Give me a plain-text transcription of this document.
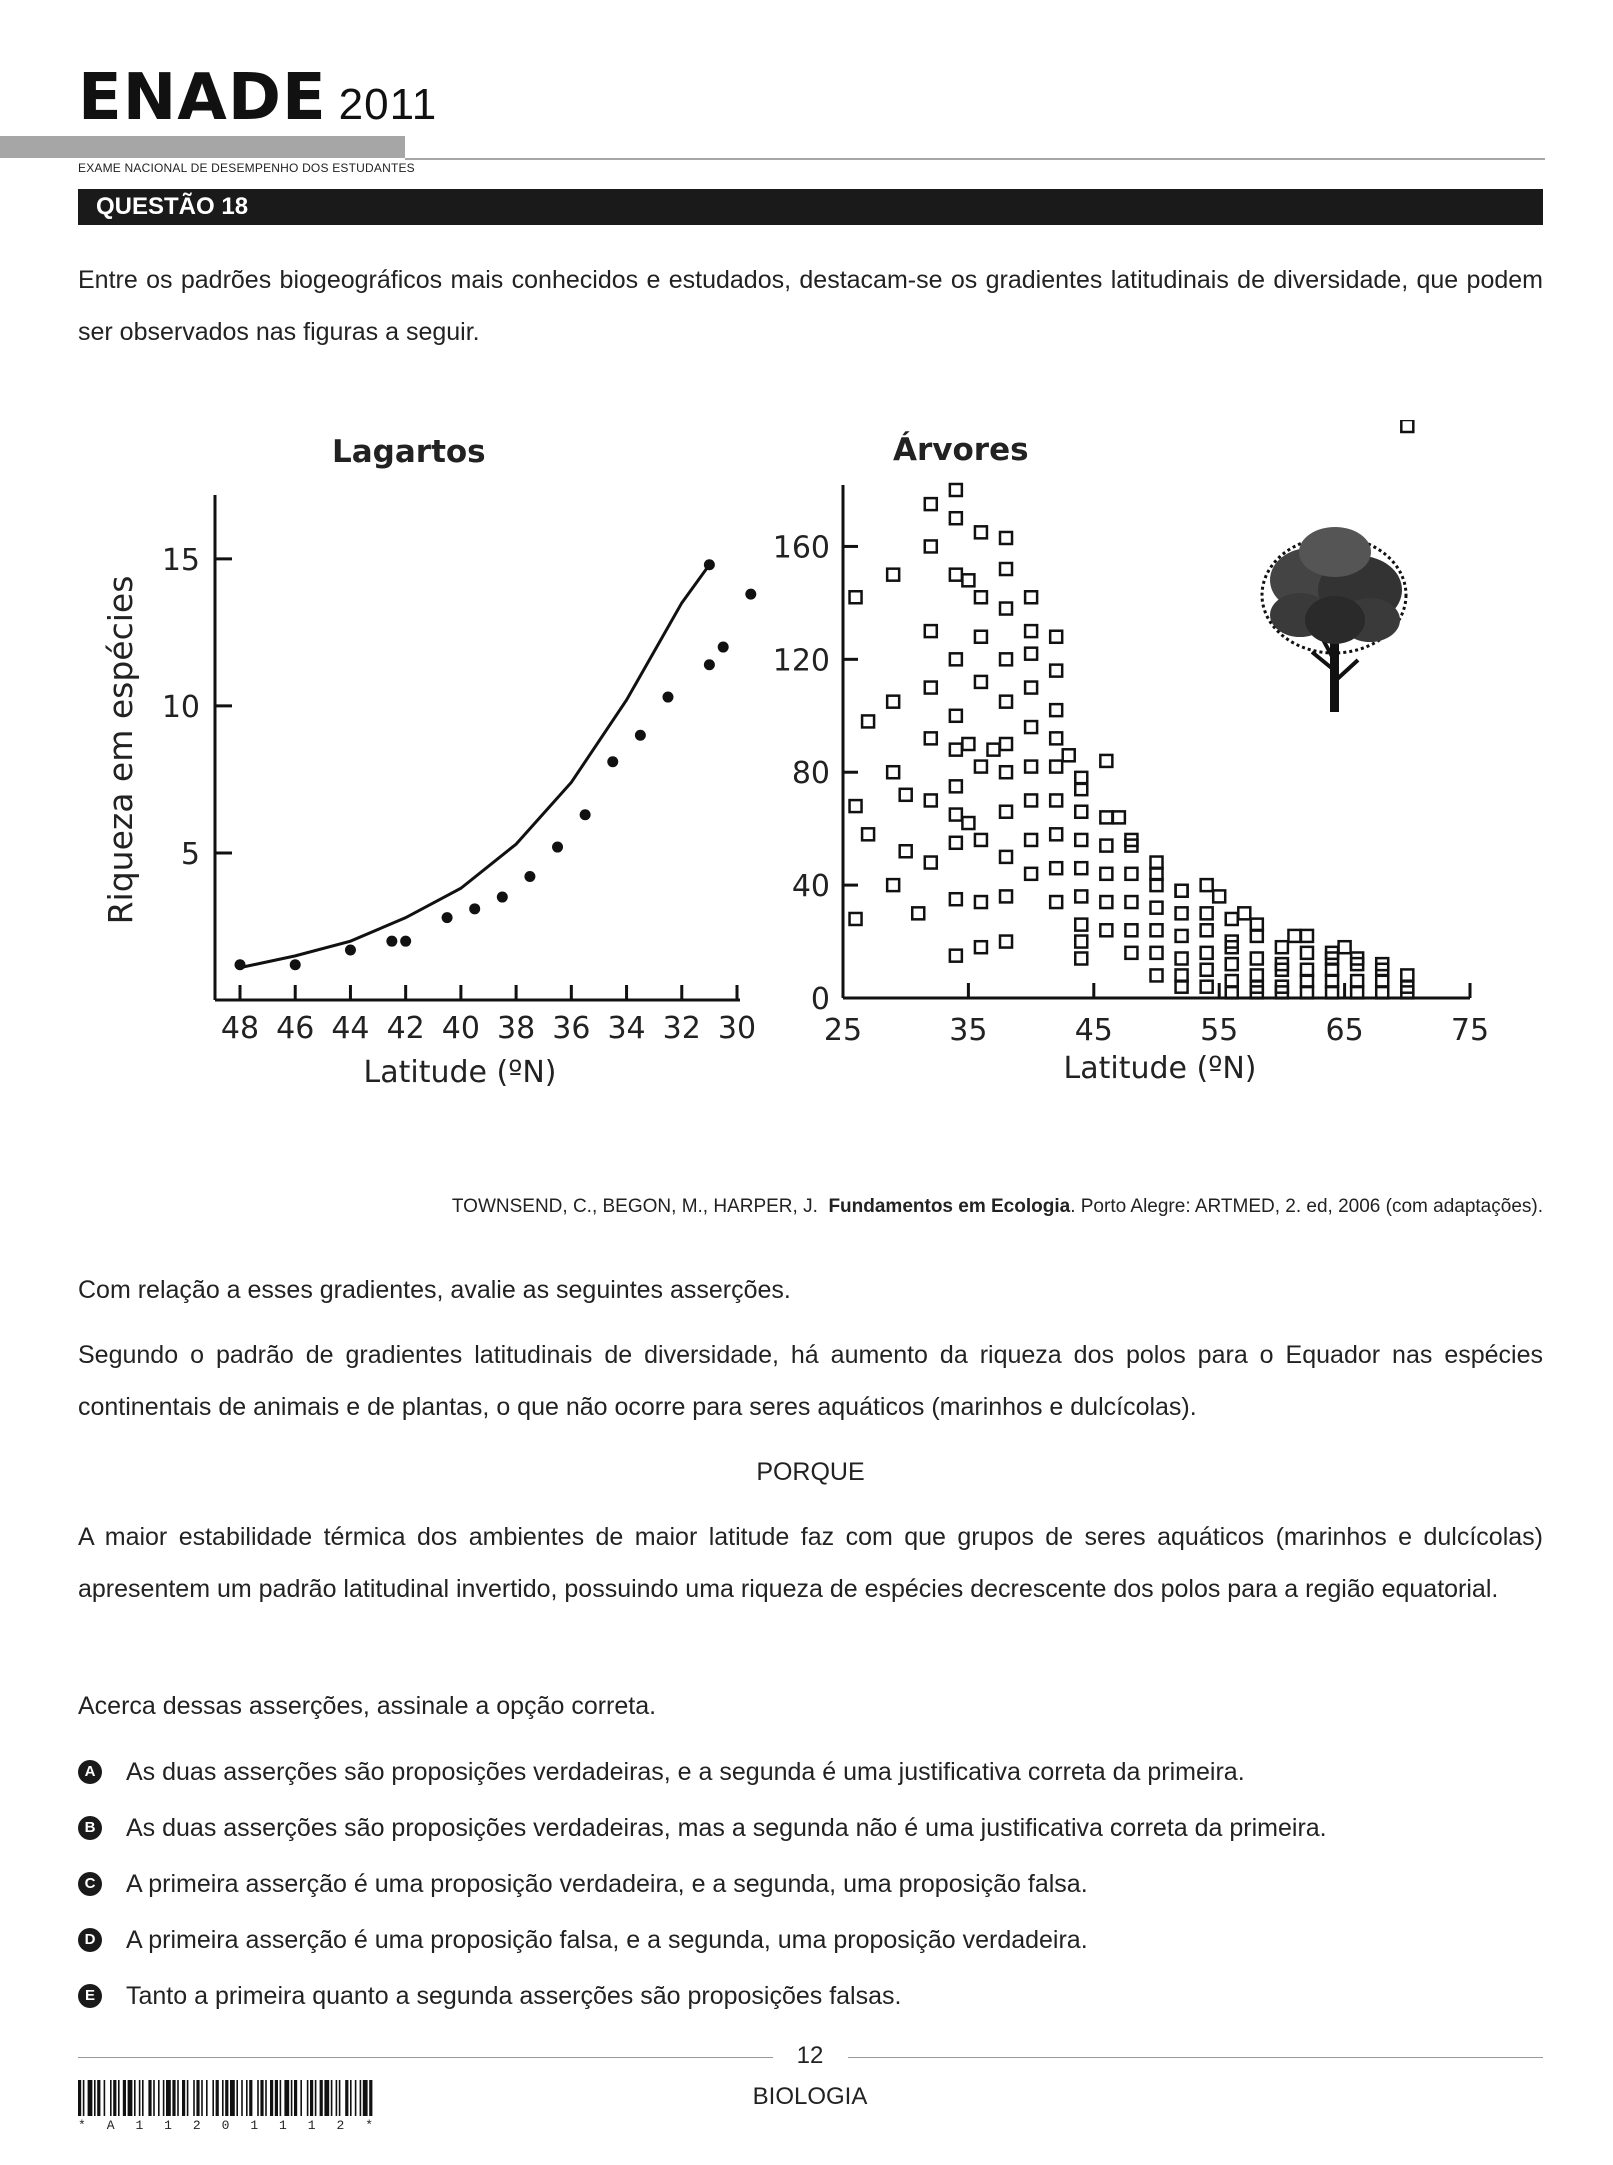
ENADE 2011
EXAME NACIONAL DE DESEMPENHO DOS ESTUDANTES
QUESTÃO 18
Entre os padrões biogeográficos mais conhecidos e estudados, destacam-se os gradientes latitudinais de diversidade, que podem ser observados nas figuras a seguir.
Lagartos
48 46 44 42 40 38 36 34 32 30
5
10
15
Latitude (ºN)
Riqueza em espécies
Árvores
25	35	45	55	65	75
0
40
80
120
160
Latitude (ºN)
TOWNSEND, C., BEGON, M., HARPER, J. Fundamentos em Ecologia. Porto Alegre: ARTMED, 2. ed, 2006 (com adaptações).
Com relação a esses gradientes, avalie as seguintes asserções.
Segundo o padrão de gradientes latitudinais de diversidade, há aumento da riqueza dos polos para o Equador nas espécies continentais de animais e de plantas, o que não ocorre para seres aquáticos (marinhos e dulcícolas).
PORQUE
A maior estabilidade térmica dos ambientes de maior latitude faz com que grupos de seres aquáticos (marinhos e dulcícolas) apresentem um padrão latitudinal invertido, possuindo uma riqueza de espécies decrescente dos polos para a região equatorial.
Acerca dessas asserções, assinale a opção correta.
A As duas asserções são proposições verdadeiras, e a segunda é uma justificativa correta da primeira.
B As duas asserções são proposições verdadeiras, mas a segunda não é uma justificativa correta da primeira.
C A primeira asserção é uma proposição verdadeira, e a segunda, uma proposição falsa.
D A primeira asserção é uma proposição falsa, e a segunda, uma proposição verdadeira.
E Tanto a primeira quanto a segunda asserções são proposições falsas.
12
BIOLOGIA
* A 1 1 2 0 1 1 1 2 *
